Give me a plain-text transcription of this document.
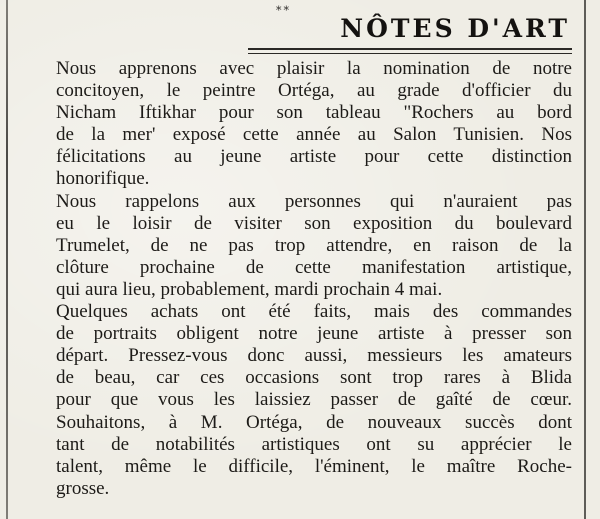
**
NÔTES D'ART

Nous apprenons avec plaisir la nomination de notre
concitoyen, le peintre Ortéga, au grade d'officier du
Nicham Iftikhar pour son tableau "Rochers au bord
de la mer' exposé cette année au Salon Tunisien. Nos
félicitations au jeune artiste pour cette distinction
honorifique.

Nous rappelons aux personnes qui n'auraient pas
eu le loisir de visiter son exposition du boulevard
Trumelet, de ne pas trop attendre, en raison de la
clôture prochaine de cette manifestation artistique,
qui aura lieu, probablement, mardi prochain 4 mai.

Quelques achats ont été faits, mais des commandes
de portraits obligent notre jeune artiste à presser son
départ. Pressez-vous donc aussi, messieurs les amateurs
de beau, car ces occasions sont trop rares à Blida
pour que vous les laissiez passer de gaîté de cœur.
Souhaitons, à M. Ortéga, de nouveaux succès dont
tant de notabilités artistiques ont su apprécier le
talent, même le difficile, l'éminent, le maître Roche-
grosse.
